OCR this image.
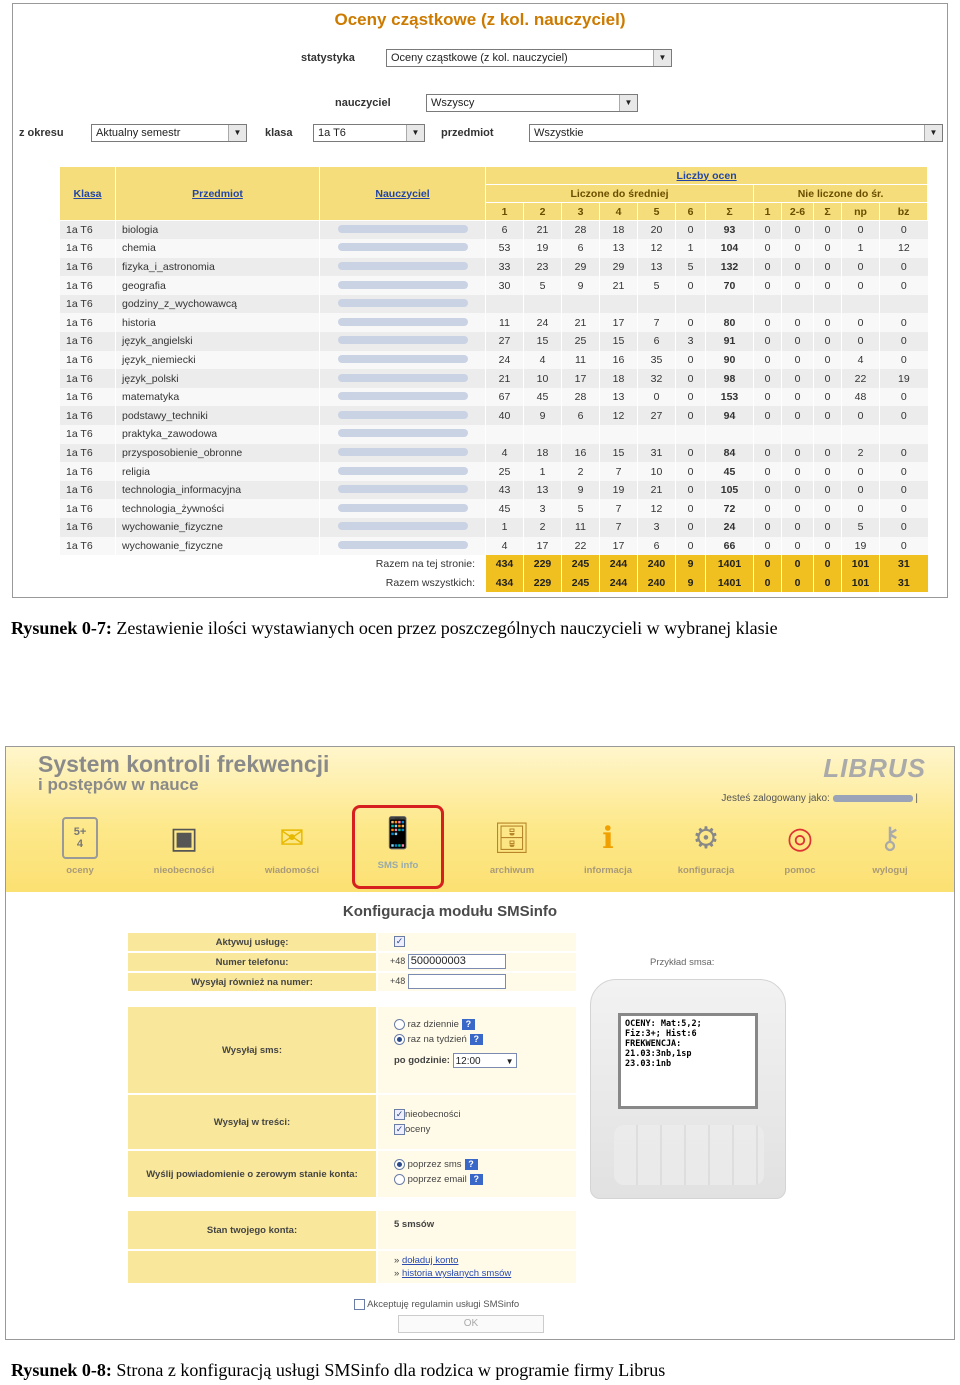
Oceny cząstkowe (z kol. nauczyciel)
statystyka	Oceny cząstkowe (z kol. nauczyciel)	▼
nauczyciel	Wszyscy	▼
z okresu	Aktualny semestr	▼	klasa	1a T6	▼	przedmiot	Wszystkie	▼
Klasa	Przedmiot	Nauczyciel	Liczby ocen											
			Liczone do średniej							Nie liczone do śr.				
			1	2	3	4	5	6	Σ	1	2-6	Σ	np	bz
1a T6	biologia		6	21	28	18	20	0	93	0	0	0	0	0
1a T6	chemia		53	19	6	13	12	1	104	0	0	0	1	12
1a T6	fizyka_i_astronomia		33	23	29	29	13	5	132	0	0	0	0	0
1a T6	geografia		30	5	9	21	5	0	70	0	0	0	0	0
1a T6	godziny_z_wychowawcą													
1a T6	historia		11	24	21	17	7	0	80	0	0	0	0	0
1a T6	język_angielski		27	15	25	15	6	3	91	0	0	0	0	0
1a T6	język_niemiecki		24	4	11	16	35	0	90	0	0	0	4	0
1a T6	język_polski		21	10	17	18	32	0	98	0	0	0	22	19
1a T6	matematyka		67	45	28	13	0	0	153	0	0	0	48	0
1a T6	podstawy_techniki		40	9	6	12	27	0	94	0	0	0	0	0
1a T6	praktyka_zawodowa													
1a T6	przysposobienie_obronne		4	18	16	15	31	0	84	0	0	0	2	0
1a T6	religia		25	1	2	7	10	0	45	0	0	0	0	0
1a T6	technologia_informacyjna		43	13	9	19	21	0	105	0	0	0	0	0
1a T6	technologia_żywności		45	3	5	7	12	0	72	0	0	0	0	0
1a T6	wychowanie_fizyczne		1	2	11	7	3	0	24	0	0	0	5	0
1a T6	wychowanie_fizyczne		4	17	22	17	6	0	66	0	0	0	19	0
Razem na tej stronie:			434	229	245	244	240	9	1401	0	0	0	101	31
Razem wszystkich:			434	229	245	244	240	9	1401	0	0	0	101	31
Rysunek 0-7: Zestawienie ilości wystawianych ocen przez poszczególnych nauczycieli w wybranej klasie
System kontroli frekwencji
i postępów w nauce
LIBRUS
Jesteś zalogowany jako:	|
5+
4
oceny
▣
nieobecności
✉
wiadomości
📱
SMS info
🗄
archiwum
ℹ
informacja
⚙
konfiguracja
◎
pomoc
⚷
wyloguj
Konfiguracja modułu SMSinfo
Aktywuj usługę:	✓
Numer telefonu:	+48 500000003
Wysyłaj również na numer:	+48
Wysyłaj sms:
raz dziennie ?
raz na tydzień ?
po godzinie: 12:00	▼
Wysyłaj w treści:
✓ nieobecności
✓ oceny
Wyślij powiadomienie o zerowym stanie konta:
poprzez sms ?
poprzez email ?
Stan twojego konta:	5 smsów
» doładuj konto
» historia wysłanych smsów
Przykład smsa:
OCENY: Mat:5,2;
Fiz:3+; Hist:6
FREKWENCJA:
21.03:3nb,1sp
23.03:1nb
Akceptuję regulamin usługi SMSinfo
OK
Rysunek 0-8: Strona z konfiguracją usługi SMSinfo dla rodzica w programie firmy Librus
